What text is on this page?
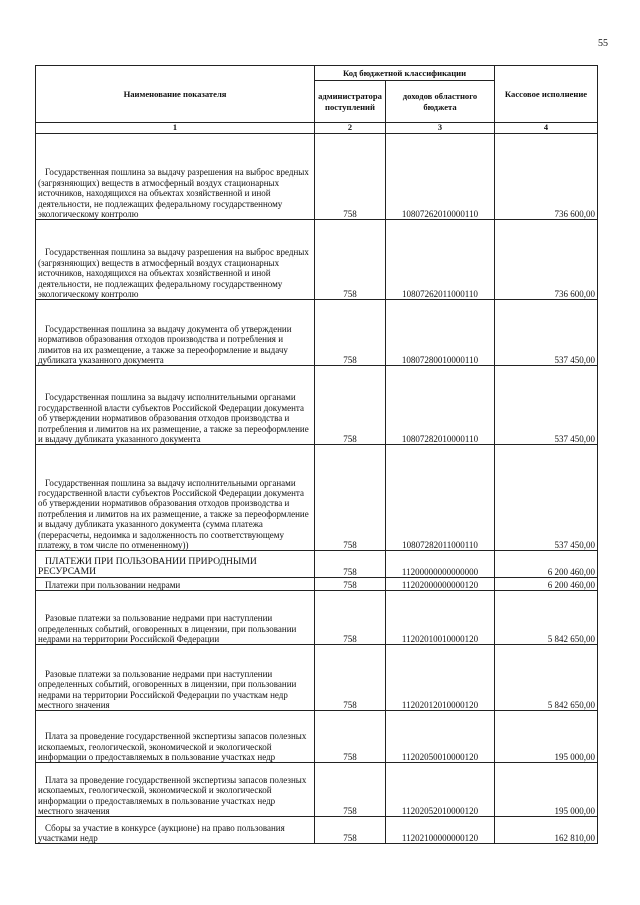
55
Наименование показателя	Код бюджетной классификации		Кассовое исполнение
	администратора поступлений	доходов областного бюджета	
1	2	3	4

Государственная пошлина за выдачу разрешения на выброс вредных (загрязняющих) веществ в атмосферный воздух стационарных источников, находящихся на объектах хозяйственной и иной деятельности, не подлежащих федеральному государственному экологическому контролю	758	10807262010000110	736 600,00

Государственная пошлина за выдачу разрешения на выброс вредных (загрязняющих) веществ в атмосферный воздух стационарных источников, находящихся на объектах хозяйственной и иной деятельности, не подлежащих федеральному государственному экологическому контролю	758	10807262011000110	736 600,00

Государственная пошлина за выдачу документа об утверждении нормативов образования отходов производства и потребления и лимитов на их размещение, а также за переоформление и выдачу дубликата указанного документа	758	10807280010000110	537 450,00

Государственная пошлина за выдачу исполнительными органами государственной власти субъектов Российской Федерации документа об утверждении нормативов образования отходов производства и потребления и лимитов на их размещение, а также за переоформление и выдачу дубликата указанного документа	758	10807282010000110	537 450,00

Государственная пошлина за выдачу исполнительными органами государственной власти субъектов Российской Федерации документа об утверждении нормативов образования отходов производства и потребления и лимитов на их размещение, а также за переоформление и выдачу дубликата указанного документа (сумма платежа (перерасчеты, недоимка и задолженность по соответствующему платежу, в том числе по отмененному))	758	10807282011000110	537 450,00

ПЛАТЕЖИ ПРИ ПОЛЬЗОВАНИИ ПРИРОДНЫМИ РЕСУРСАМИ	758	11200000000000000	6 200 460,00

Платежи при пользовании недрами	758	11202000000000120	6 200 460,00

Разовые платежи за пользование недрами при наступлении определенных событий, оговоренных в лицензии, при пользовании недрами на территории Российской Федерации	758	11202010010000120	5 842 650,00

Разовые платежи за пользование недрами при наступлении определенных событий, оговоренных в лицензии, при пользовании недрами на территории Российской Федерации по участкам недр местного значения	758	11202012010000120	5 842 650,00

Плата за проведение государственной экспертизы запасов полезных ископаемых, геологической, экономической и экологической информации о предоставляемых в пользование участках недр	758	11202050010000120	195 000,00

Плата за проведение государственной экспертизы запасов полезных ископаемых, геологической, экономической и экологической информации о предоставляемых в пользование участках недр местного значения	758	11202052010000120	195 000,00

Сборы за участие в конкурсе (аукционе) на право пользования участками недр	758	11202100000000120	162 810,00
